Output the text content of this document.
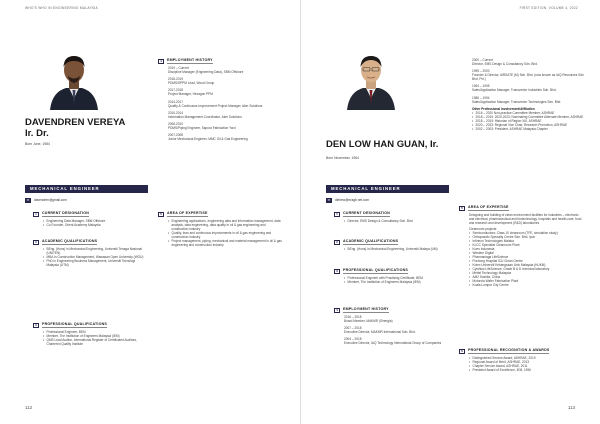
WHO'S WHO IN ENGINEERING MALAYSIA
DAVENDREN VEREYA
Ir. Dr.
Born June, 1984
MECHANICAL ENGINEER
✉	davendren@gmail.com
4	EMPLOYMENT HISTORY
2019 – Current
Discipline Manager (Engineering Data), SBM Offshore
2018-2019
PDMS/SPPM Lead, Wood Group
2017-2018
Project Manager, Hexagon PPM
2014-2017
Quality & Continuous Improvement Project Manager, Aker Solutions
2010-2014
Information Management Coordinator, Aker Solutions
2008-2010
PDMS/Piping Engineer, Sapura Fabrication Yard
2007-2008
Junior Mechanical Engineer, MMC Oil & Gas Engineering
5	AREA OF EXPERTISE
• Engineering applications, engineering data and information management, data analysis, data engineering, data quality in oil & gas engineering and construction industry
• Quality, lean and continuous improvements in oil & gas engineering and construction industry
• Project management, piping, mechanical and material management in oil & gas engineering and construction industry
1	CURRENT DESIGNATION
• Engineering Data Manager, SBM Offshore
• Co-Founder, Orient Academy Malaysia
2	ACADEMIC QUALIFICATIONS
• BEng. (Hons) in Mechanical Engineering, Universiti Tenaga Nasional (UNITEN)
• MBA in Construction Management, Wawasan Open University (WOU)
• PhD in Engineering Business Management, Universiti Teknologi Malaysia (UTM)
3	PROFESSIONAL QUALIFICATIONS
• Professional Engineer, BEM
• Member, The Institution of Engineers Malaysia (IEM)
• QMS Lead Auditor, International Register of Certificated Auditors, Chartered Quality Institute
112
FIRST EDITION, VOLUME 4, 2022
DEN LOW HAN GUAN, Ir.
Born November, 1964
MECHANICAL ENGINEER
✉	dlehew@ecsgb.net.com
2000 – Current
Director, EMS Design & Consultancy Sdn. Bhd.
1995 – 2000
Founder & Director, AIRSATE (M) Sdn. Bhd. (now known as IAQ Resources Sdn Bhd, Pvt.)
1994 – 1995
Sales/Application Manager, Transvector Industries Sdn. Bhd.
1986 – 1994
Sales/Application Manager, Transvector Technologies Sdn. Bhd.
Other Professional Involvement/Affiliation
• 2016 – 2020 Non-practice Committee Member, ASHRAE
• 2018 – 2019, 2020-2023: Nominating Committee Alternate Member, ASHRAE
• 2018 – 2019: Historian of Region XIII, ASHRAE
• 2020 – 2023: Regional Vice Chair, Research Promotion, ASHRAE
• 2002 – 2003: President, ASHRAE Malaysia Chapter
1	CURRENT DESIGNATION
• Director, EMS Design & Consultancy Sdn. Bhd.
2	ACADEMIC QUALIFICATIONS
• BEng. (Hons) in Mechanical Engineering, Universiti Malaya (UM)
3	PROFESSIONAL QUALIFICATIONS
• Professional Engineer with Practising Certificate, BEM
• Member, The Institution of Engineers Malaysia (IEM)
4	EMPLOYMENT HISTORY
2016 – 2018
Board Member, MAKMR (Sinergia)
2007 – 2018
Executive Director, MAKMR International Sdn. Bhd.
2004 – 2018
Executive Director, IAQ Technology International Group of Companies
5	AREA OF EXPERTISE
Designing and building of clean environment facilities for industries – electronic and electrical, pharmaceutical and biotechnology, hospitals and health-care, food and research and development (R&D) laboratories
Cleanroom projects:
• Semiconductors: Class 10 cleanroom (TFE, simulation study)
• Orthopaedic Specialty Centre Sdn. Bhd. Ipoh
• Infineon Technologies Malaka
• KLCC Specialist Cleanroom Plant
• Kuen Indonesia
• Western Digital
• Pharmaniaga LifeScience
• Puchong Hospital ICU Clean Centre
• Kotex Universiti Kebangsaan Univ Malaysia (HUKM)
• Cytoflow LifeScience, Grade B & D chemical laboratory
• Mettel Technology Malaysia
• AM2 Sushila, China
• Motorola Wafer Fabrication Plant
• Kuala Lumpur City Centre
6	PROFESSIONAL RECOGNITION & AWARDS
• Distinguished Service Award, ASHRAE, 2019
• Regional Award of Merit, ASHRAE, 2013
• Chapter Service Award, ASHRAE, 2011
• President Award of Excellence, IEM, 1996
113
